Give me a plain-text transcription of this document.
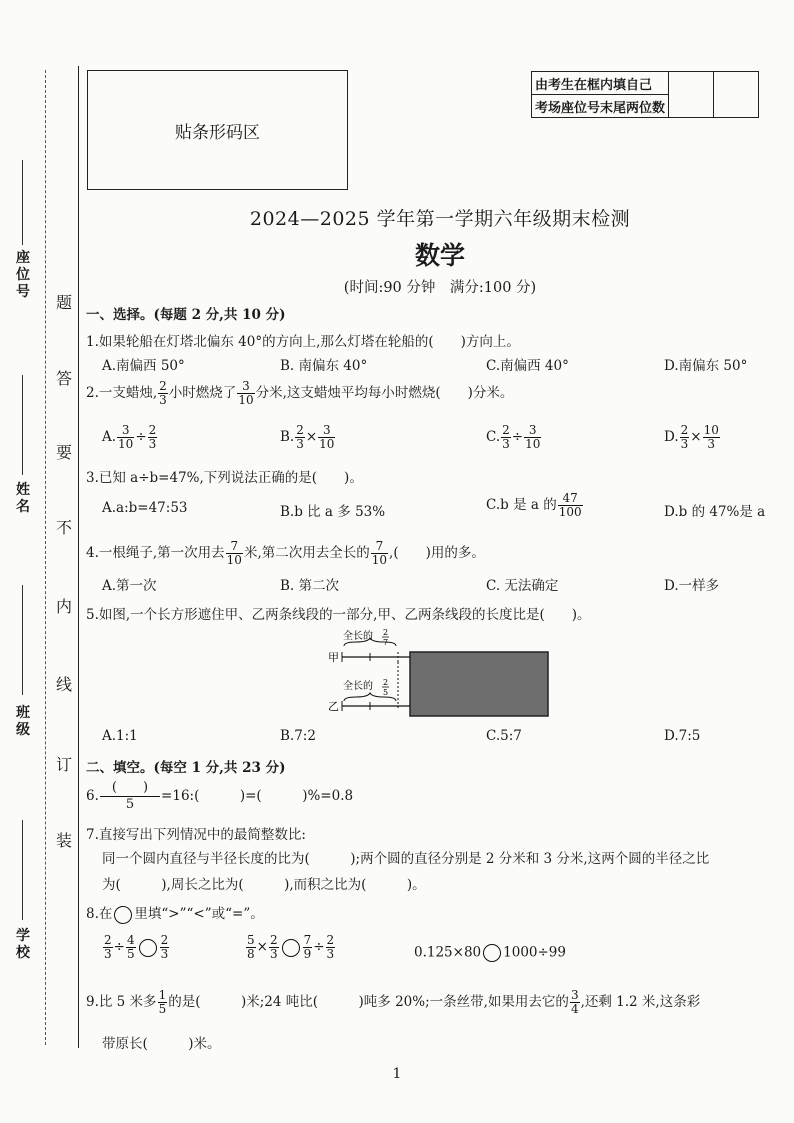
座位号
姓名
班级
学校
题
答
要
不
内
线
订
装
贴条形码区
由考生在框内填自己		
考场座位号末尾两位数
2024—2025 学年第一学期六年级期末检测
数学
(时间:90 分钟　满分:100 分)
一、选择。(每题 2 分,共 10 分)
1.如果轮船在灯塔北偏东 40°的方向上,那么灯塔在轮船的(　　)方向上。
A.南偏西 50°	B. 南偏东 40°	C.南偏西 40°	D.南偏东 50°
2.一支蜡烛, $\frac{2}{3}$ 小时燃烧了 $\frac{3}{10}$ 分米,这支蜡烛平均每小时燃烧(　　)分米。
A. $\frac{3}{10} \div \frac{2}{3}$	B. $\frac{2}{3} \times \frac{3}{10}$	C. $\frac{2}{3} \div \frac{3}{10}$	D. $\frac{2}{3} \times \frac{10}{3}$
3.已知 a÷b=47%,下列说法正确的是(　　)。
A.a:b=47:53	B.b 比 a 多 53%	C.b 是 a 的 $\frac{47}{100}$	D.b 的 47%是 a
4.一根绳子,第一次用去 $\frac{7}{10}$ 米,第二次用去全长的 $\frac{7}{10}$ ,(　　)用的多。
A.第一次	B. 第二次	C. 无法确定	D.一样多
5.如图,一个长方形遮住甲、乙两条线段的一部分,甲、乙两条线段的长度比是(　　)。
全长的 2
7
甲
全长的 2
5
乙
A.1:1	B.7:2	C.5:7	D.7:5
二、填空。(每空 1 分,共 23 分)
6. $\frac{( )}{5}$ =16:(　　　)=(　　　)%=0.8
7.直接写出下列情况中的最简整数比:
同一个圆内直径与半径长度的比为(　　　);两个圆的直径分别是 2 分米和 3 分米,这两个圆的半径之比
为(　　　),周长之比为(　　　),而积之比为(　　　)。
8.在 里填“>”“<”或“=”。
$\frac{2}{3} \div \frac{4}{5} \frac{2}{3}$	$\frac{5}{8} \times \frac{2}{3} \frac{7}{9} \div \frac{2}{3}$	0.125×80 1000÷99
9.比 5 米多 $\frac{1}{5}$ 的是(　　　)米;24 吨比(　　　)吨多 20%;一条丝带,如果用去它的 $\frac{3}{4}$ ,还剩 1.2 米,这条彩
带原长(　　　)米。
1
